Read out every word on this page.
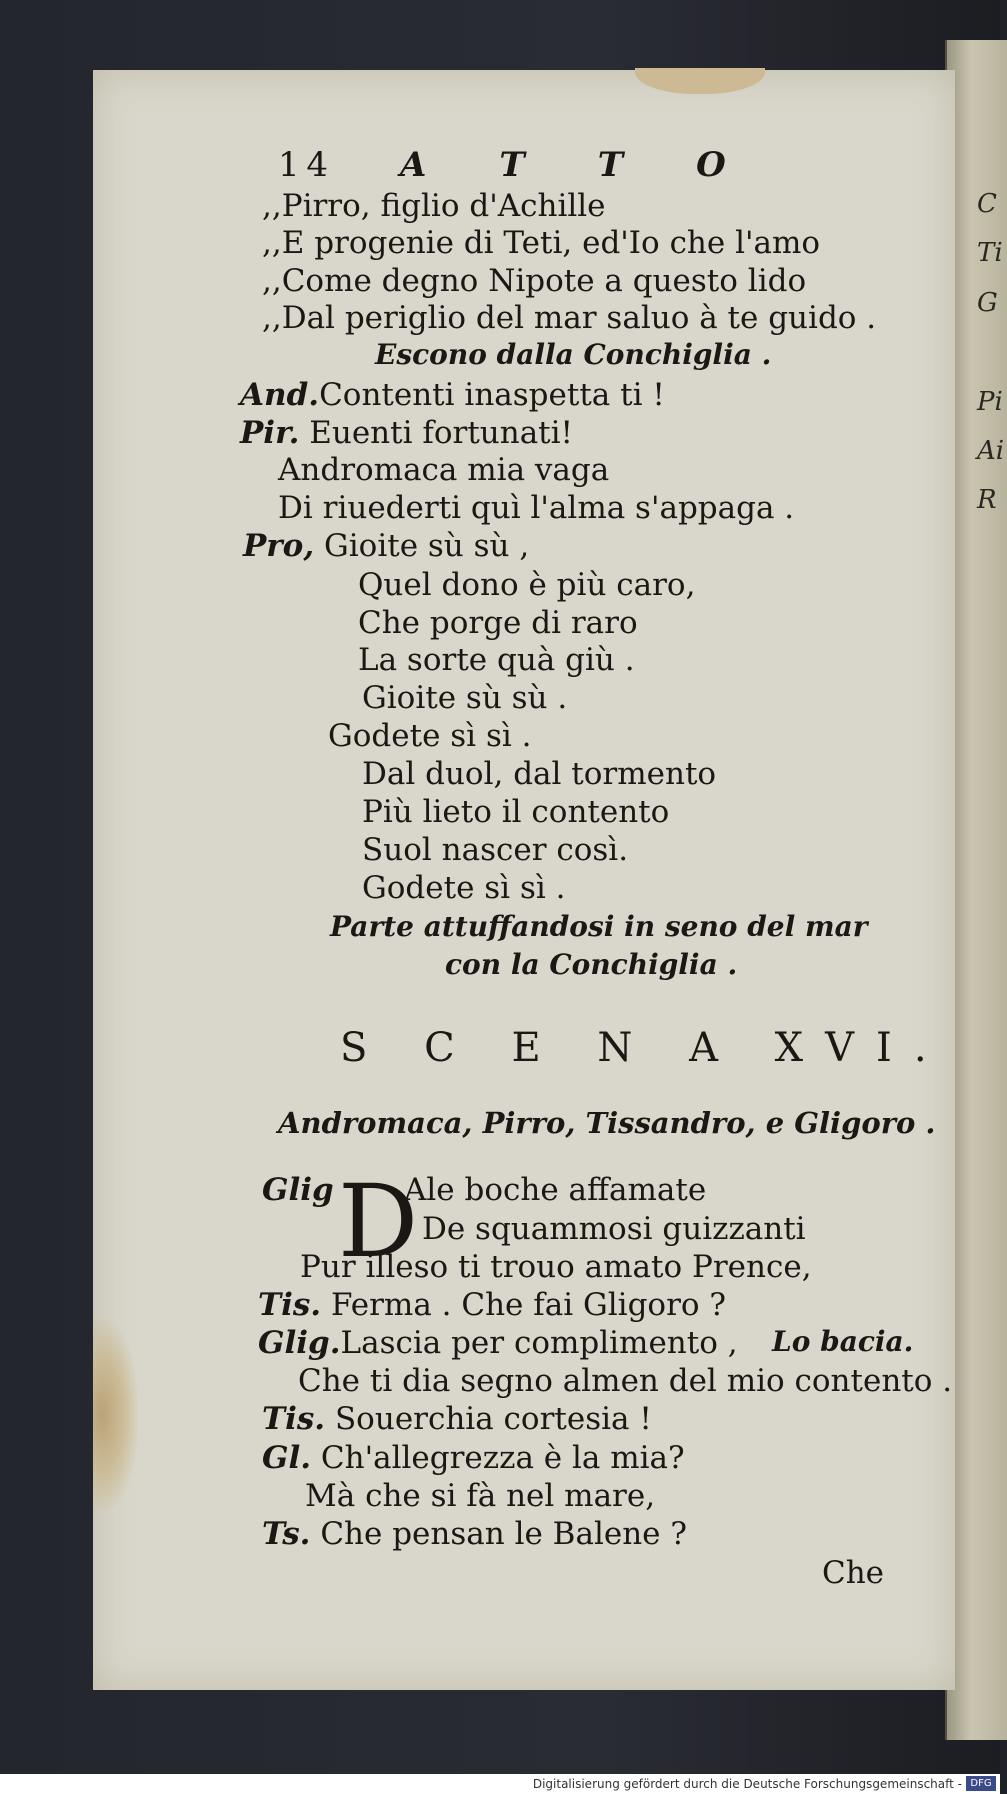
C
Ti
G

Pi
Ai
R
14 A T T O
,,Pirro, figlio d'Achille
,,E progenie di Teti, ed'Io che l'amo
,,Come degno Nipote a questo lido
,,Dal periglio del mar saluo à te guido .
Escono dalla Conchiglia .
And.Contenti inaspetta ti !
Pir. Euenti fortunati!
Andromaca mia vaga
Di riuederti quì l'alma s'appaga .
Pro, Gioite sù sù ,
Quel dono è più caro,
Che porge di raro
La sorte quà giù .
Gioite sù sù .
Godete sì sì .
Dal duol, dal tormento
Più lieto il contento
Suol nascer così.
Godete sì sì .
Parte attuffandosi in seno del mar
con la Conchiglia .
S C E N A XVI.
Andromaca, Pirro, Tissandro, e Gligoro .
Glig D
Ale boche affamate
De squammosi guizzanti
Pur illeso ti trouo amato Prence,
Tis. Ferma . Che fai Gligoro ?
Glig.Lascia per complimento , Lo bacia.
Che ti dia segno almen del mio contento .
Tis. Souerchia cortesia !
Gl. Ch'allegrezza è la mia?
Mà che si fà nel mare,
Ts. Che pensan le Balene ?
Che
Digitalisierung gefördert durch die Deutsche Forschungsgemeinschaft - DFG
